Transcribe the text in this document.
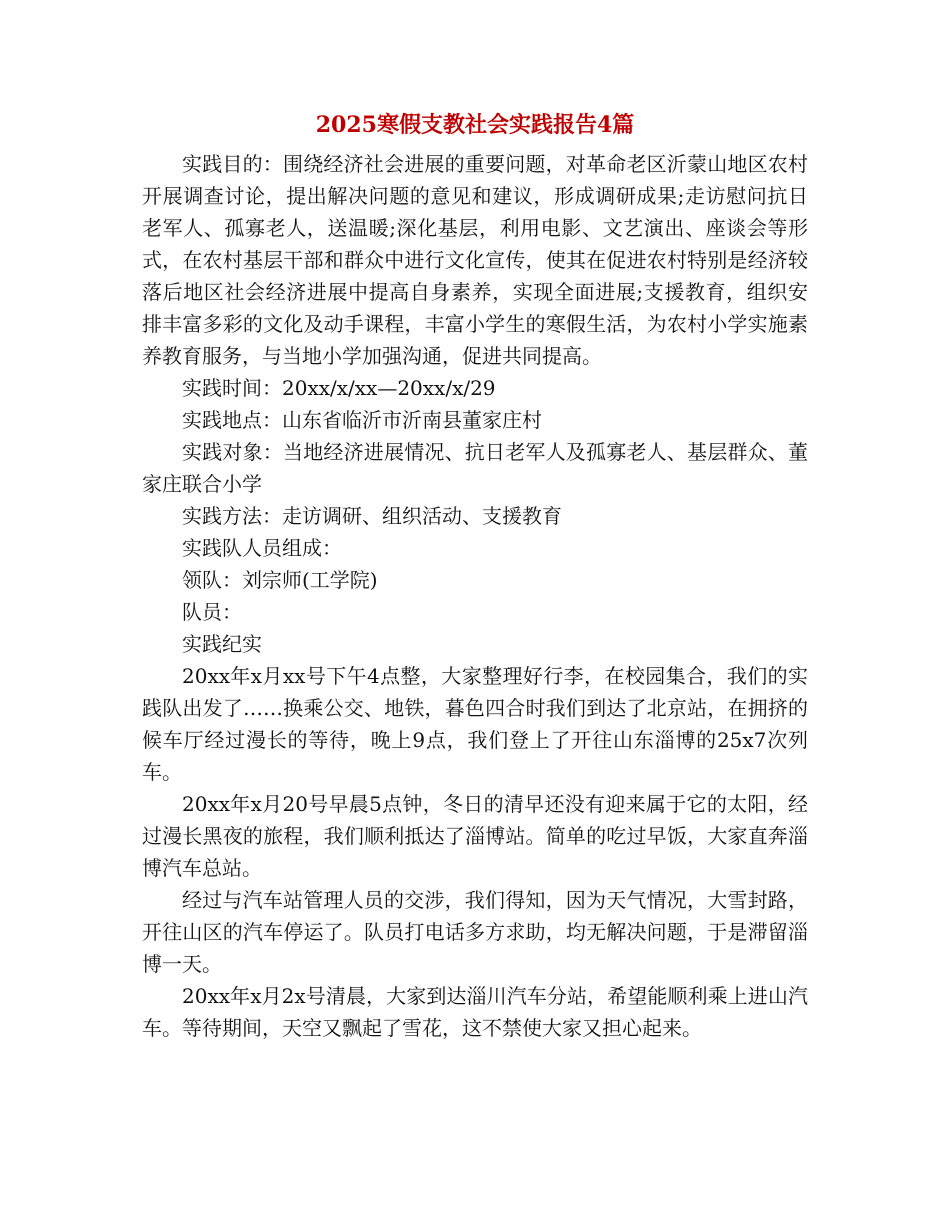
2025寒假支教社会实践报告4篇

实践目的：围绕经济社会进展的重要问题，对革命老区沂蒙山地区农村开展调查讨论，提出解决问题的意见和建议，形成调研成果;走访慰问抗日老军人、孤寡老人，送温暖;深化基层，利用电影、文艺演出、座谈会等形式，在农村基层干部和群众中进行文化宣传，使其在促进农村特别是经济较落后地区社会经济进展中提高自身素养，实现全面进展;支援教育，组织安排丰富多彩的文化及动手课程，丰富小学生的寒假生活，为农村小学实施素养教育服务，与当地小学加强沟通，促进共同提高。

实践时间：20xx/x/xx—20xx/x/29

实践地点：山东省临沂市沂南县董家庄村

实践对象：当地经济进展情况、抗日老军人及孤寡老人、基层群众、董家庄联合小学

实践方法：走访调研、组织活动、支援教育

实践队人员组成：

领队：刘宗师(工学院)

队员：

实践纪实

20xx年x月xx号下午4点整，大家整理好行李，在校园集合，我们的实践队出发了……换乘公交、地铁，暮色四合时我们到达了北京站，在拥挤的候车厅经过漫长的等待，晚上9点，我们登上了开往山东淄博的25x7次列车。

20xx年x月20号早晨5点钟，冬日的清早还没有迎来属于它的太阳，经过漫长黑夜的旅程，我们顺利抵达了淄博站。简单的吃过早饭，大家直奔淄博汽车总站。

经过与汽车站管理人员的交涉，我们得知，因为天气情况，大雪封路，开往山区的汽车停运了。队员打电话多方求助，均无解决问题，于是滞留淄博一天。

20xx年x月2x号清晨，大家到达淄川汽车分站，希望能顺利乘上进山汽车。等待期间，天空又飘起了雪花，这不禁使大家又担心起来。
